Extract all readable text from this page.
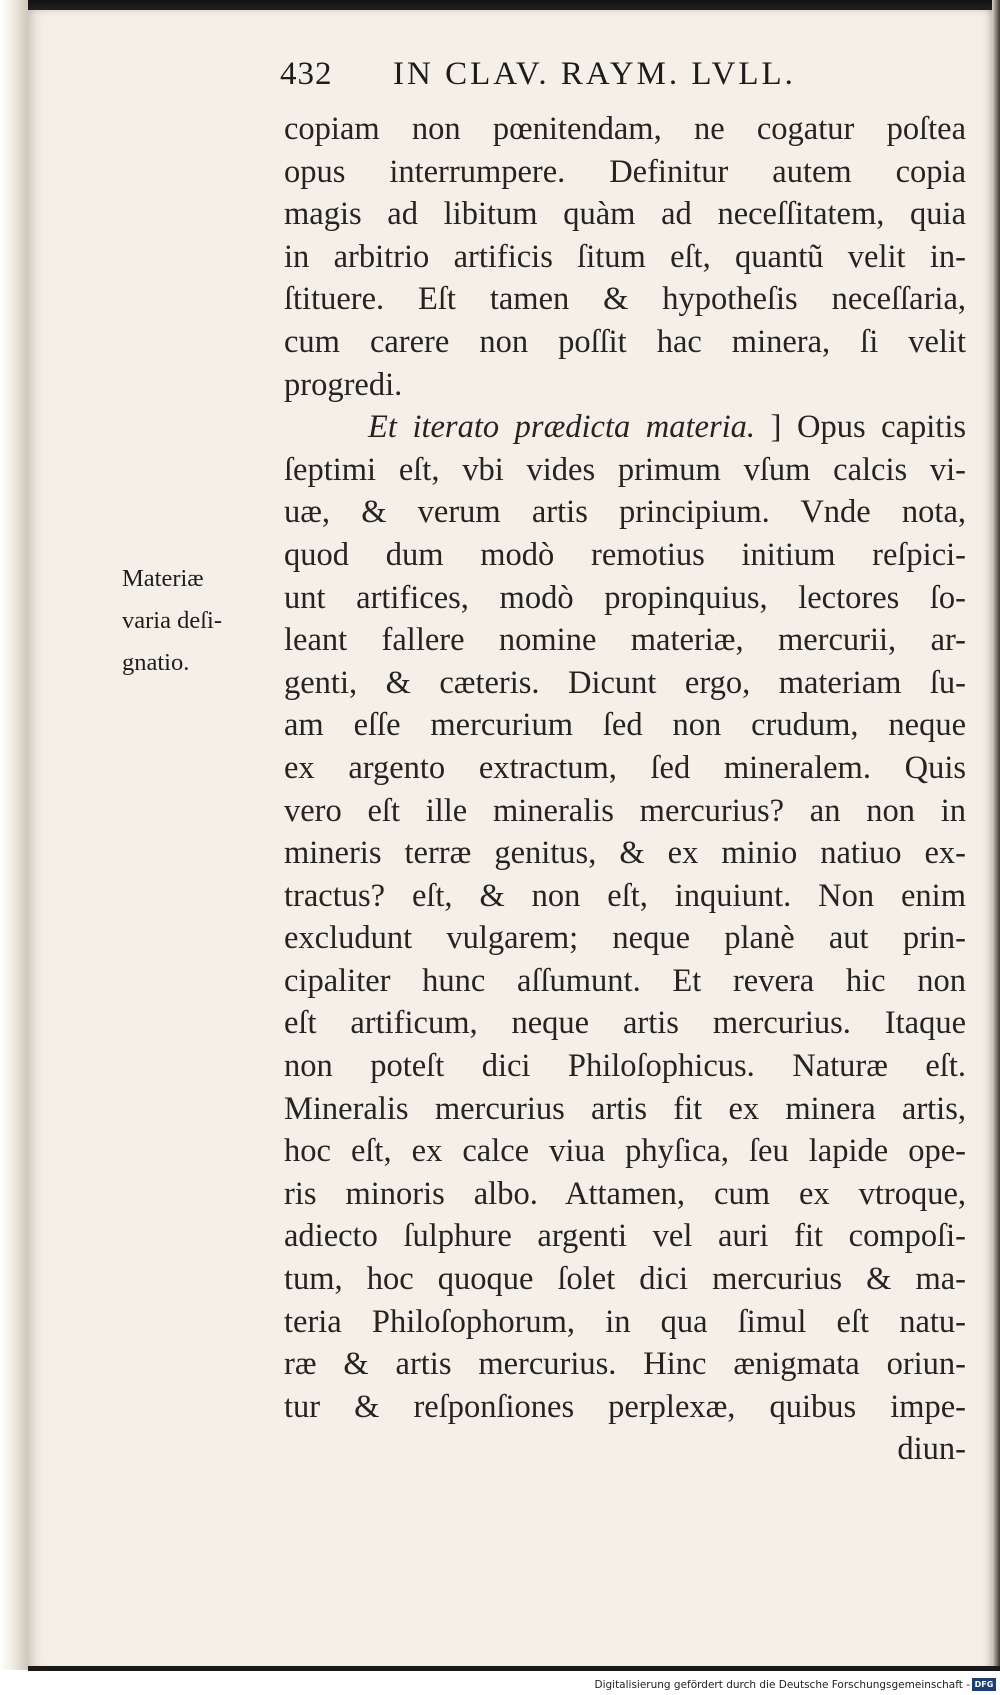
432 IN CLAV. RAYM. LVLL.
Materiæ
varia deſi-
gnatio.
copiam non pœnitendam, ne cogatur poſtea
opus interrumpere. Definitur autem copia
magis ad libitum quàm ad neceſſitatem, quia
in arbitrio artificis ſitum eſt, quantũ velit in-
ſtituere. Eſt tamen & hypotheſis neceſſaria,
cum carere non poſſit hac minera, ſi velit
progredi.
Et iterato prædicta materia. ] Opus capitis
ſeptimi eſt, vbi vides primum vſum calcis vi-
uæ, & verum artis principium. Vnde nota,
quod dum modò remotius initium reſpici-
unt artifices, modò propinquius, lectores ſo-
leant fallere nomine materiæ, mercurii, ar-
genti, & cæteris. Dicunt ergo, materiam ſu-
am eſſe mercurium ſed non crudum, neque
ex argento extractum, ſed mineralem. Quis
vero eſt ille mineralis mercurius? an non in
mineris terræ genitus, & ex minio natiuo ex-
tractus? eſt, & non eſt, inquiunt. Non enim
excludunt vulgarem; neque planè aut prin-
cipaliter hunc aſſumunt. Et revera hic non
eſt artificum, neque artis mercurius. Itaque
non poteſt dici Philoſophicus. Naturæ eſt.
Mineralis mercurius artis fit ex minera artis,
hoc eſt, ex calce viua phyſica, ſeu lapide ope-
ris minoris albo. Attamen, cum ex vtroque,
adiecto ſulphure argenti vel auri fit compoſi-
tum, hoc quoque ſolet dici mercurius & ma-
teria Philoſophorum, in qua ſimul eſt natu-
ræ & artis mercurius. Hinc ænigmata oriun-
tur & reſponſiones perplexæ, quibus impe-
diun-
Digitalisierung gefördert durch die Deutsche Forschungsgemeinschaft - DFG
